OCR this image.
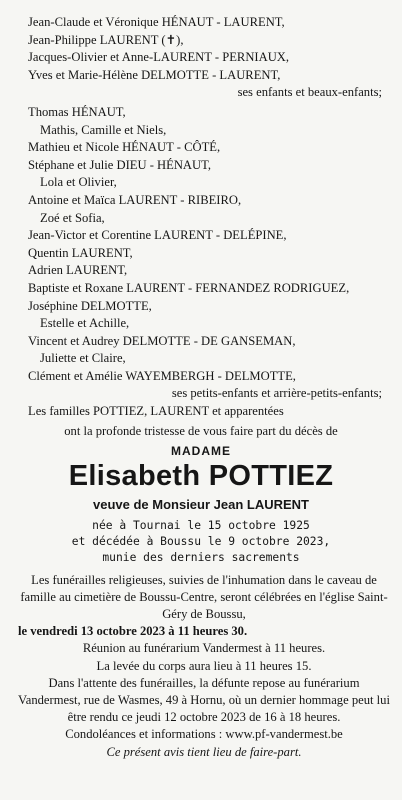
Jean-Claude et Véronique HÉNAUT - LAURENT,
Jean-Philippe LAURENT (✝),
Jacques-Olivier et Anne-LAURENT - PERNIAUX,
Yves et Marie-Hélène DELMOTTE - LAURENT,
ses enfants et beaux-enfants;
Thomas HÉNAUT,
Mathis, Camille et Niels,
Mathieu et Nicole HÉNAUT - CÔTÉ,
Stéphane et Julie DIEU - HÉNAUT,
Lola et Olivier,
Antoine et Maïca LAURENT - RIBEIRO,
Zoé et Sofia,
Jean-Victor et Corentine LAURENT - DELÉPINE,
Quentin LAURENT,
Adrien LAURENT,
Baptiste et Roxane LAURENT - FERNANDEZ RODRIGUEZ,
Joséphine DELMOTTE,
Estelle et Achille,
Vincent et Audrey DELMOTTE - DE GANSEMAN,
Juliette et Claire,
Clément et Amélie WAYEMBERGH - DELMOTTE,
ses petits-enfants et arrière-petits-enfants;
Les familles POTTIEZ, LAURENT et apparentées
ont la profonde tristesse de vous faire part du décès de
MADAME
Elisabeth POTTIEZ
veuve de Monsieur Jean LAURENT
née à Tournai le 15 octobre 1925
et décédée à Boussu le 9 octobre 2023,
munie des derniers sacrements

Les funérailles religieuses, suivies de l'inhumation dans le caveau de famille au cimetière de Boussu-Centre, seront célébrées en l'église Saint-Géry de Boussu,

le vendredi 13 octobre 2023 à 11 heures 30.

Réunion au funérarium Vandermest à 11 heures.

La levée du corps aura lieu à 11 heures 15.

Dans l'attente des funérailles, la défunte repose au funérarium Vandermest, rue de Wasmes, 49 à Hornu, où un dernier hommage peut lui être rendu ce jeudi 12 octobre 2023 de 16 à 18 heures.

Condoléances et informations : www.pf-vandermest.be

Ce présent avis tient lieu de faire-part.
